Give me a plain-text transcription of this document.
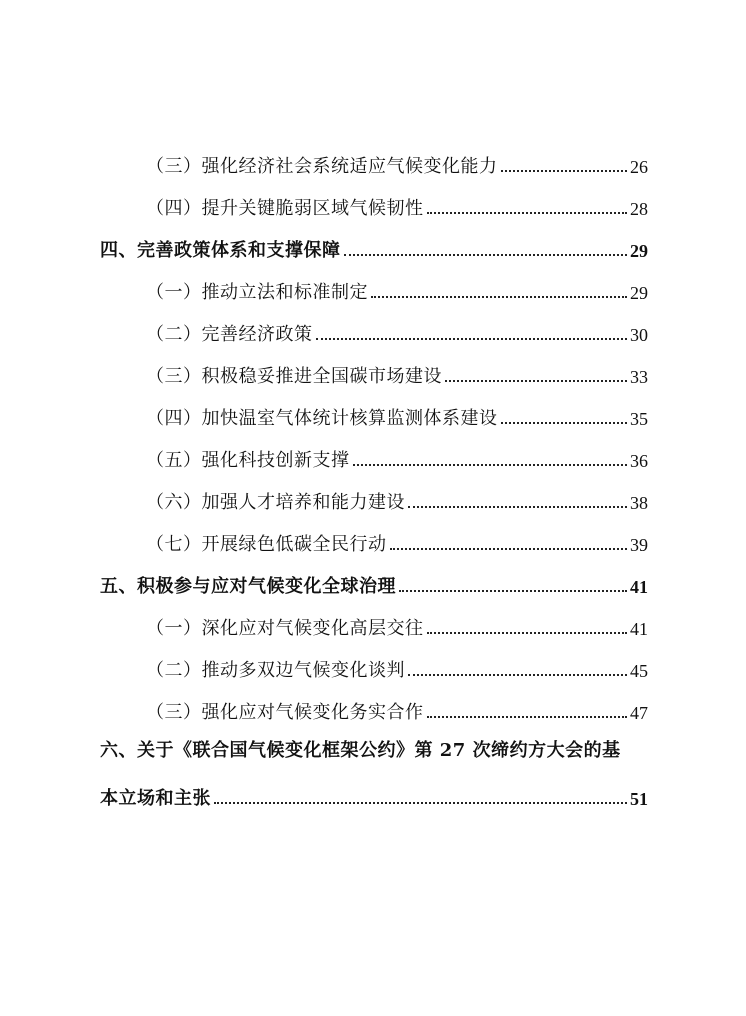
（三）强化经济社会系统适应气候变化能力	26
（四）提升关键脆弱区域气候韧性	28
四、完善政策体系和支撑保障	29
（一）推动立法和标准制定	29
（二）完善经济政策	30
（三）积极稳妥推进全国碳市场建设	33
（四）加快温室气体统计核算监测体系建设	35
（五）强化科技创新支撑	36
（六）加强人才培养和能力建设	38
（七）开展绿色低碳全民行动	39
五、积极参与应对气候变化全球治理	41
（一）深化应对气候变化高层交往	41
（二）推动多双边气候变化谈判	45
（三）强化应对气候变化务实合作	47
六、关于《联合国气候变化框架公约》第 27 次缔约方大会的基
本立场和主张	51
